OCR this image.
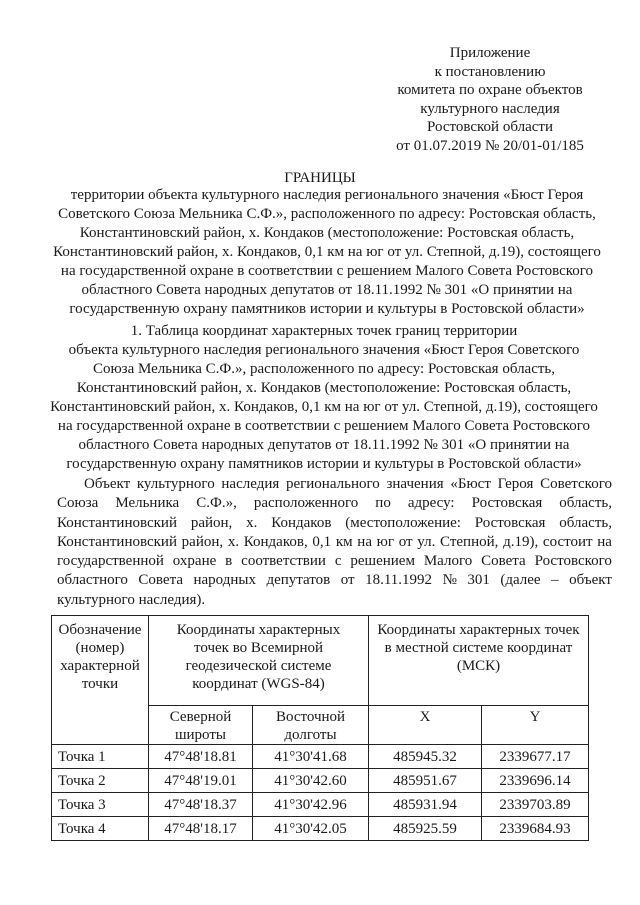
Приложение
к постановлению
комитета по охране объектов
культурного наследия
Ростовской области
от 01.07.2019 № 20/01-01/185
ГРАНИЦЫ
территории объекта культурного наследия регионального значения «Бюст Героя
Советского Союза Мельника С.Ф.», расположенного по адресу: Ростовская область,
Константиновский район, х. Кондаков (местоположение: Ростовская область,
Константиновский район, х. Кондаков, 0,1 км на юг от ул. Степной, д.19), состоящего
на государственной охране в соответствии с решением Малого Совета Ростовского
областного Совета народных депутатов от 18.11.1992 № 301 «О принятии на
государственную охрану памятников истории и культуры в Ростовской области»
1. Таблица координат характерных точек границ территории
объекта культурного наследия регионального значения «Бюст Героя Советского
Союза Мельника С.Ф.», расположенного по адресу: Ростовская область,
Константиновский район, х. Кондаков (местоположение: Ростовская область,
Константиновский район, х. Кондаков, 0,1 км на юг от ул. Степной, д.19), состоящего
на государственной охране в соответствии с решением Малого Совета Ростовского
областного Совета народных депутатов от 18.11.1992 № 301 «О принятии на
государственную охрану памятников истории и культуры в Ростовской области»
Объект культурного наследия регионального значения «Бюст Героя Советского
Союза Мельника С.Ф.», расположенного по адресу: Ростовская область,
Константиновский район, х. Кондаков (местоположение: Ростовская область,
Константиновский район, х. Кондаков, 0,1 км на юг от ул. Степной, д.19), состоит на
государственной охране в соответствии с решением Малого Совета Ростовского
областного Совета народных депутатов от 18.11.1992 № 301 (далее – объект
культурного наследия).
Обозначение (номер) характерной точки	Координаты характерных точек во Всемирной геодезической системе координат (WGS-84)		Координаты характерных точек в местной системе координат (МСК)	
	Северной широты	Восточной долготы	X	Y
Точка 1	47°48'18.81	41°30'41.68	485945.32	2339677.17
Точка 2	47°48'19.01	41°30'42.60	485951.67	2339696.14
Точка 3	47°48'18.37	41°30'42.96	485931.94	2339703.89
Точка 4	47°48'18.17	41°30'42.05	485925.59	2339684.93
